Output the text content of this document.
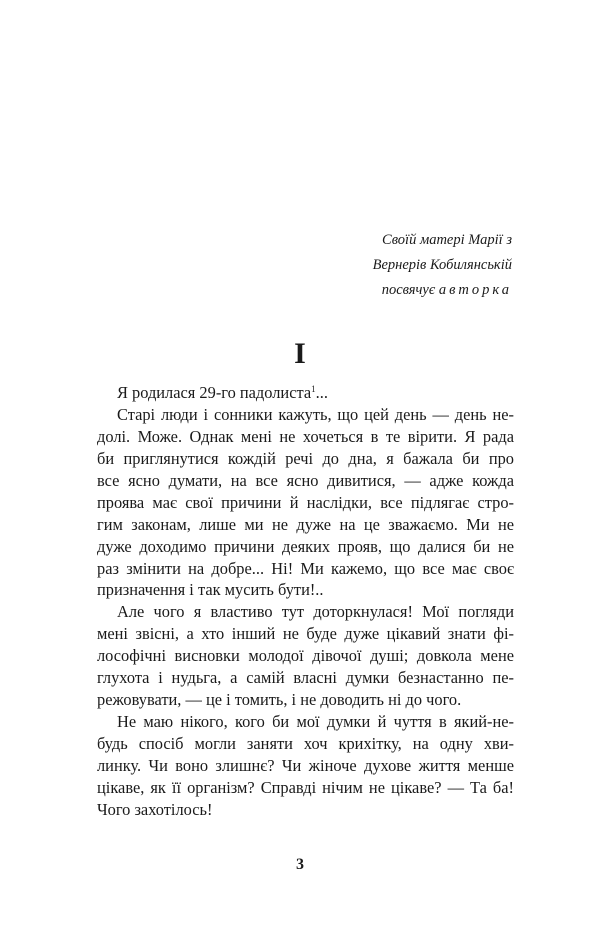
Своїй матері Марії з
Вернерів Кобилянській
посвячує авторка
I
Я родилася 29-го падолиста$^1$...
Старі люди і сонники кажуть, що цей день — день не-
долі. Може. Однак мені не хочеться в те вірити. Я рада
би приглянутися кождій речі до дна, я бажала би про
все ясно думати, на все ясно дивитися, — адже кожда
проява має свої причини й наслідки, все підлягає стро-
гим законам, лише ми не дуже на це зважаємо. Ми не
дуже доходимо причини деяких прояв, що далися би не
раз змінити на добре... Ні! Ми кажемо, що все має своє
призначення і так мусить бути!..
Але чого я властиво тут доторкнулася! Мої погляди
мені звісні, а хто інший не буде дуже цікавий знати фі-
лософічні висновки молодої дівочої душі; довкола мене
глухота і нудьга, а самій власні думки безнастанно пе-
режовувати, — це і томить, і не доводить ні до чого.
Не маю нікого, кого би мої думки й чуття в який-не-
будь спосіб могли заняти хоч крихітку, на одну хви-
линку. Чи воно злишнє? Чи жіноче духове життя менше
цікаве, як її організм? Справді нічим не цікаве? — Та ба!
Чого захотілось!
3
